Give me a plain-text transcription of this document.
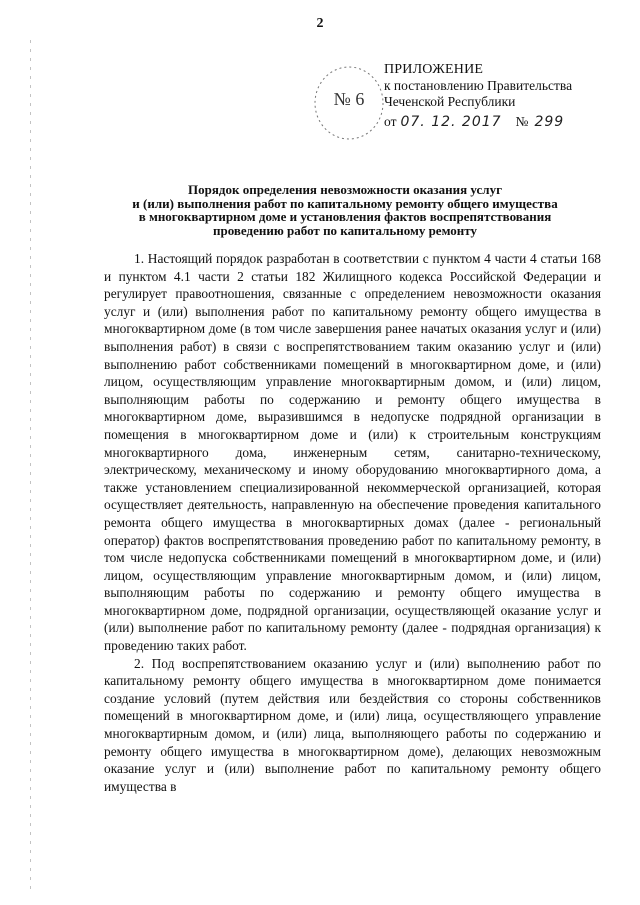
2
№ 6
ПРИЛОЖЕНИЕ
к постановлению Правительства
Чеченской Республики
от 07. 12. 2017 № 299
Порядок определения невозможности оказания услуг
и (или) выполнения работ по капитальному ремонту общего имущества
в многоквартирном доме и установления фактов воспрепятствования
проведению работ по капитальному ремонту

1. Настоящий порядок разработан в соответствии с пунктом 4 части 4 статьи 168 и пунктом 4.1 части 2 статьи 182 Жилищного кодекса Российской Федерации и регулирует правоотношения, связанные с определением невозможности оказания услуг и (или) выполнения работ по капитальному ремонту общего имущества в многоквартирном доме (в том числе завершения ранее начатых оказания услуг и (или) выполнения работ) в связи с воспрепятствованием таким оказанию услуг и (или) выполнению работ собственниками помещений в многоквартирном доме, и (или) лицом, осуществляющим управление многоквартирным домом, и (или) лицом, выполняющим работы по содержанию и ремонту общего имущества в многоквартирном доме, выразившимся в недопуске подрядной организации в помещения в многоквартирном доме и (или) к строительным конструкциям многоквартирного дома, инженерным сетям, санитарно-техническому, электрическому, механическому и иному оборудованию многоквартирного дома, а также установлением специализированной некоммерческой организацией, которая осуществляет деятельность, направленную на обеспечение проведения капитального ремонта общего имущества в многоквартирных домах (далее - региональный оператор) фактов воспрепятствования проведению работ по капитальному ремонту, в том числе недопуска собственниками помещений в многоквартирном доме, и (или) лицом, осуществляющим управление многоквартирным домом, и (или) лицом, выполняющим работы по содержанию и ремонту общего имущества в многоквартирном доме, подрядной организации, осуществляющей оказание услуг и (или) выполнение работ по капитальному ремонту (далее - подрядная организация) к проведению таких работ.

2. Под воспрепятствованием оказанию услуг и (или) выполнению работ по капитальному ремонту общего имущества в многоквартирном доме понимается создание условий (путем действия или бездействия со стороны собственников помещений в многоквартирном доме, и (или) лица, осуществляющего управление многоквартирным домом, и (или) лица, выполняющего работы по содержанию и ремонту общего имущества в многоквартирном доме), делающих невозможным оказание услуг и (или) выполнение работ по капитальному ремонту общего имущества в
